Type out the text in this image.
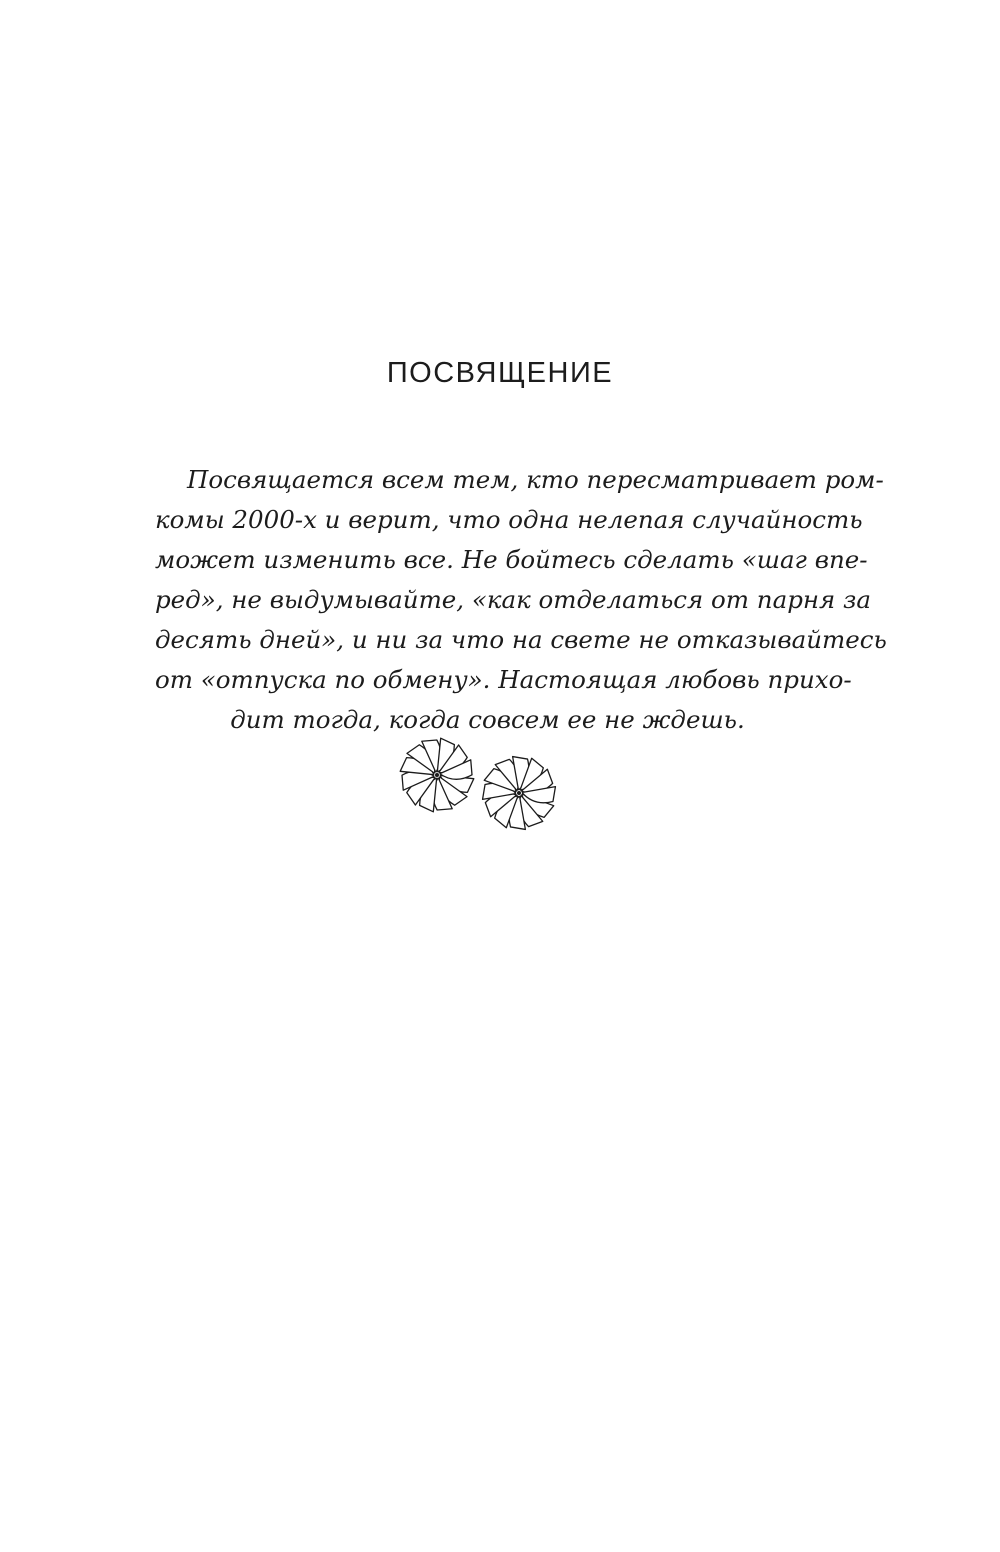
ПОСВЯЩЕНИЕ
Посвящается всем тем, кто пересматривает ром-
комы 2000-х и верит, что одна нелепая случайность
может изменить все. Не бойтесь сделать «шаг впе-
ред», не выдумывайте, «как отделаться от парня за
десять дней», и ни за что на свете не отказывайтесь
от «отпуска по обмену». Настоящая любовь прихо-
дит тогда, когда совсем ее не ждешь.
